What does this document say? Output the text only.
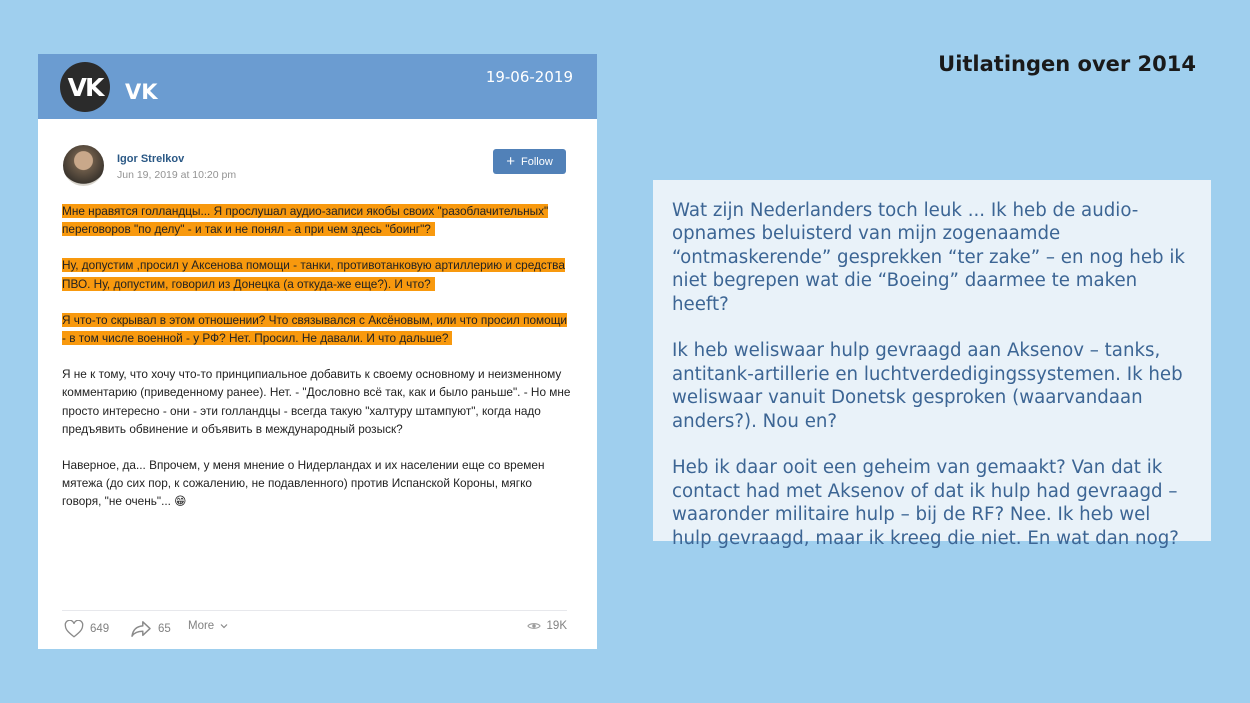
Uitlatingen over 2014
VK	VK
19-06-2019
Igor Strelkov
Jun 19, 2019 at 10:20 pm
+ Follow

Мне нравятся голландцы... Я прослушал аудио-записи якобы своих "разоблачительных" переговоров "по делу" - и так и не понял - а при чем здесь "боинг"?

Ну, допустим ,просил у Аксенова помощи - танки, противотанковую артиллерию и средства ПВО. Ну, допустим, говорил из Донецка (а откуда-же еще?). И что?

Я что-то скрывал в этом отношении? Что связывался с Аксёновым, или что просил помощи - в том числе военной - у РФ? Нет. Просил. Не давали. И что дальше?

Я не к тому, что хочу что-то принципиальное добавить к своему основному и неизменному комментарию (приведенному ранее). Нет. - "Дословно всё так, как и было раньше". - Но мне просто интересно - они - эти голландцы - всегда такую "халтуру штампуют", когда надо предъявить обвинение и объявить в международный розыск?

Наверное, да... Впрочем, у меня мнение о Нидерландах и их населении еще со времен мятежа (до сих пор, к сожалению, не подавленного) против Испанской Короны, мягко говоря, "не очень"... 😁

649	65 More	19K

Wat zijn Nederlanders toch leuk ... Ik heb de audio-opnames beluisterd van mijn zogenaamde “ontmaskerende” gesprekken “ter zake” – en nog heb ik niet begrepen wat die “Boeing” daarmee te maken heeft?

Ik heb weliswaar hulp gevraagd aan Aksenov – tanks, antitank-artillerie en luchtverdedigingssystemen. Ik heb weliswaar vanuit Donetsk gesproken (waarvandaan anders?). Nou en?

Heb ik daar ooit een geheim van gemaakt? Van dat ik contact had met Aksenov of dat ik hulp had gevraagd – waaronder militaire hulp – bij de RF? Nee. Ik heb wel hulp gevraagd, maar ik kreeg die niet. En wat dan nog?
